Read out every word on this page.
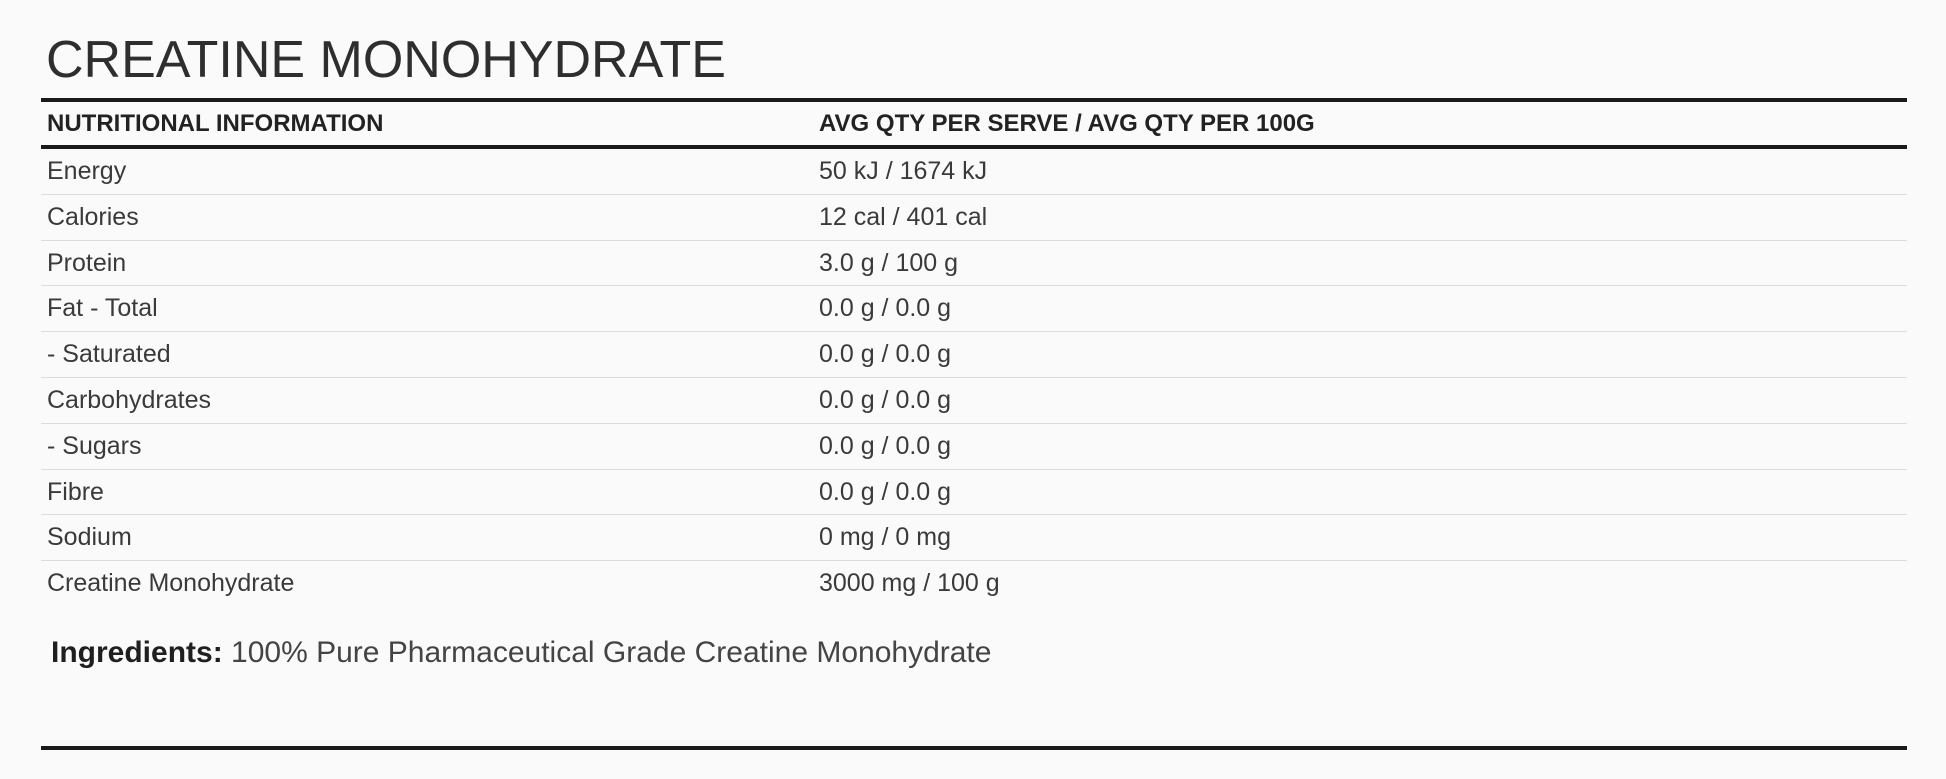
CREATINE MONOHYDRATE
NUTRITIONAL INFORMATION	AVG QTY PER SERVE / AVG QTY PER 100G
Energy	50 kJ / 1674 kJ
Calories	12 cal / 401 cal
Protein	3.0 g / 100 g
Fat - Total	0.0 g / 0.0 g
- Saturated	0.0 g / 0.0 g
Carbohydrates	0.0 g / 0.0 g
- Sugars	0.0 g / 0.0 g
Fibre	0.0 g / 0.0 g
Sodium	0 mg / 0 mg
Creatine Monohydrate	3000 mg / 100 g
Ingredients: 100% Pure Pharmaceutical Grade Creatine Monohydrate
